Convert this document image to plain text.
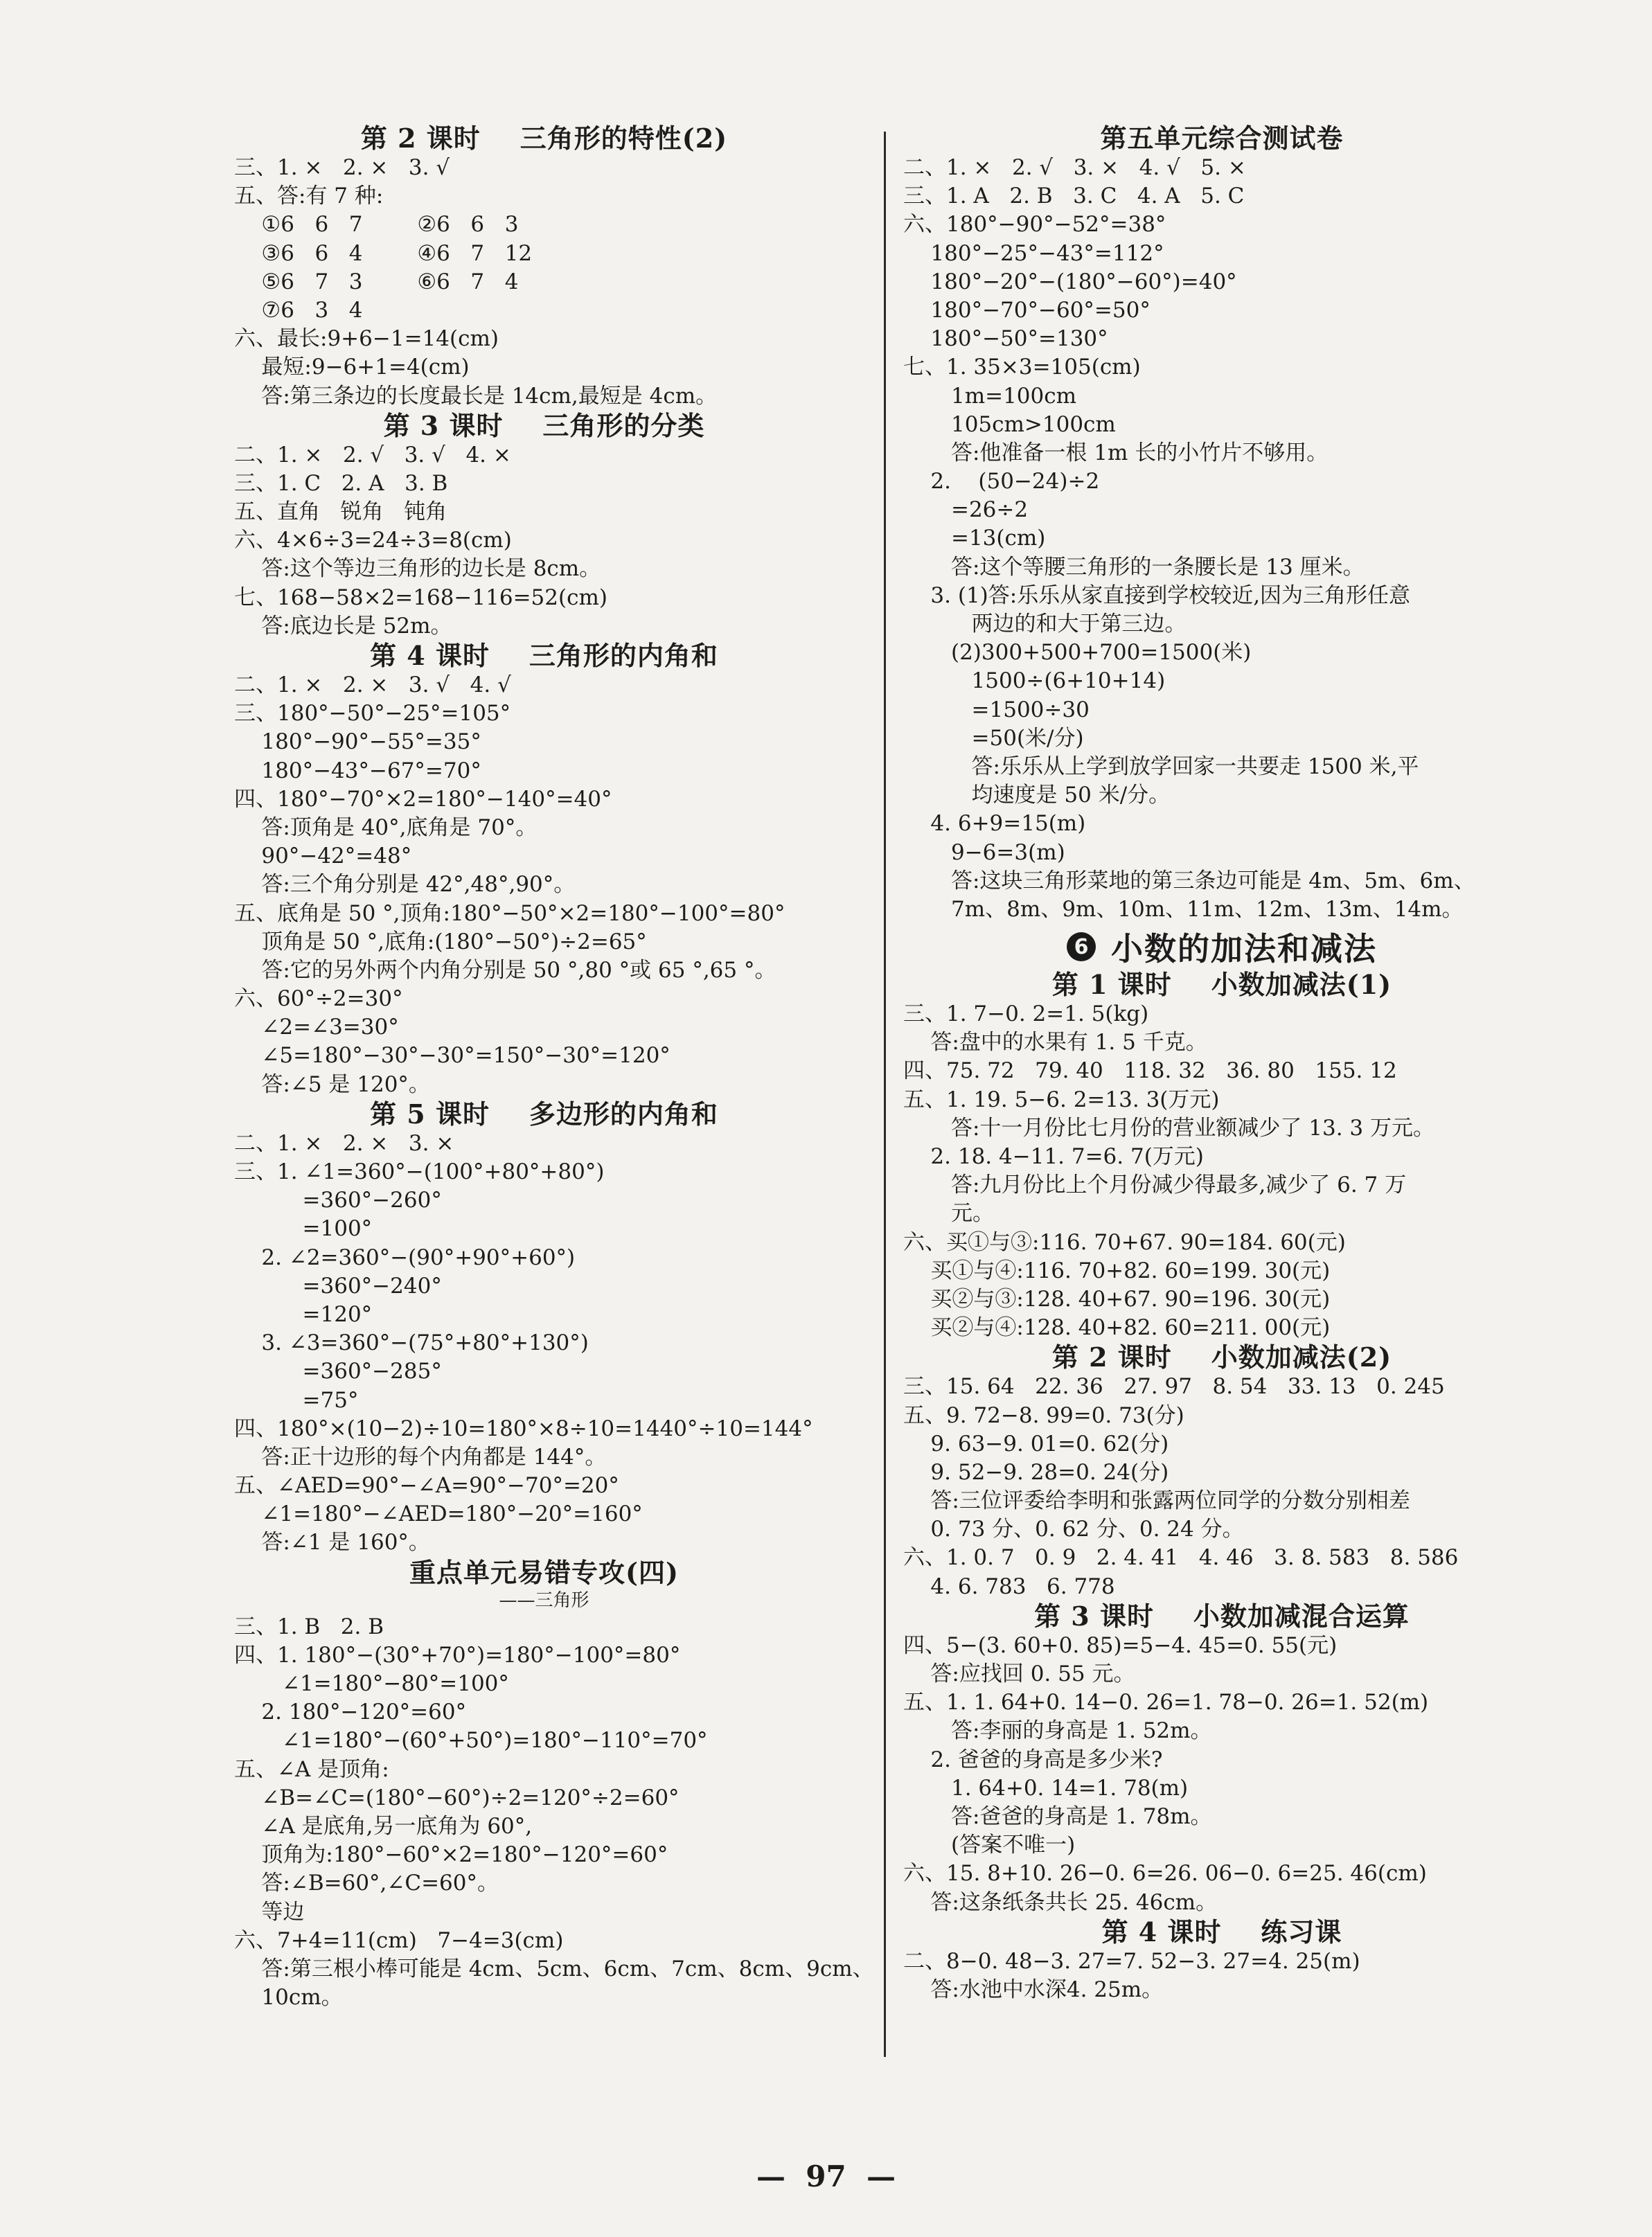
第 2 课时    三角形的特性(2)
三、1. ×   2. ×   3. √
五、答:有 7 种:
①6   6   7        ②6   6   3
③6   6   4        ④6   7   12
⑤6   7   3        ⑥6   7   4
⑦6   3   4
六、最长:9+6−1=14(cm)
最短:9−6+1=4(cm)
答:第三条边的长度最长是 14cm,最短是 4cm。
第 3 课时    三角形的分类
二、1. ×   2. √   3. √   4. ×
三、1. C   2. A   3. B
五、直角   锐角   钝角
六、4×6÷3=24÷3=8(cm)
答:这个等边三角形的边长是 8cm。
七、168−58×2=168−116=52(cm)
答:底边长是 52m。
第 4 课时    三角形的内角和
二、1. ×   2. ×   3. √   4. √
三、180°−50°−25°=105°
180°−90°−55°=35°
180°−43°−67°=70°
四、180°−70°×2=180°−140°=40°
答:顶角是 40°,底角是 70°。
90°−42°=48°
答:三个角分别是 42°,48°,90°。
五、底角是 50 °,顶角:180°−50°×2=180°−100°=80°
顶角是 50 °,底角:(180°−50°)÷2=65°
答:它的另外两个内角分别是 50 °,80 °或 65 °,65 °。
六、60°÷2=30°
∠2=∠3=30°
∠5=180°−30°−30°=150°−30°=120°
答:∠5 是 120°。
第 5 课时    多边形的内角和
二、1. ×   2. ×   3. ×
三、1. ∠1=360°−(100°+80°+80°)
=360°−260°
=100°
2. ∠2=360°−(90°+90°+60°)
=360°−240°
=120°
3. ∠3=360°−(75°+80°+130°)
=360°−285°
=75°
四、180°×(10−2)÷10=180°×8÷10=1440°÷10=144°
答:正十边形的每个内角都是 144°。
五、∠AED=90°−∠A=90°−70°=20°
∠1=180°−∠AED=180°−20°=160°
答:∠1 是 160°。
重点单元易错专攻(四)
——三角形
三、1. B   2. B
四、1. 180°−(30°+70°)=180°−100°=80°
∠1=180°−80°=100°
2. 180°−120°=60°
∠1=180°−(60°+50°)=180°−110°=70°
五、∠A 是顶角:
∠B=∠C=(180°−60°)÷2=120°÷2=60°
∠A 是底角,另一底角为 60°,
顶角为:180°−60°×2=180°−120°=60°
答:∠B=60°,∠C=60°。
等边
六、7+4=11(cm)   7−4=3(cm)
答:第三根小棒可能是 4cm、5cm、6cm、7cm、8cm、9cm、
10cm。
第五单元综合测试卷
二、1. ×   2. √   3. ×   4. √   5. ×
三、1. A   2. B   3. C   4. A   5. C
六、180°−90°−52°=38°
180°−25°−43°=112°
180°−20°−(180°−60°)=40°
180°−70°−60°=50°
180°−50°=130°
七、1. 35×3=105(cm)
1m=100cm
105cm>100cm
答:他准备一根 1m 长的小竹片不够用。
2.    (50−24)÷2
=26÷2
=13(cm)
答:这个等腰三角形的一条腰长是 13 厘米。
3. (1)答:乐乐从家直接到学校较近,因为三角形任意
两边的和大于第三边。
(2)300+500+700=1500(米)
1500÷(6+10+14)
=1500÷30
=50(米/分)
答:乐乐从上学到放学回家一共要走 1500 米,平
均速度是 50 米/分。
4. 6+9=15(m)
9−6=3(m)
答:这块三角形菜地的第三条边可能是 4m、5m、6m、
7m、8m、9m、10m、11m、12m、13m、14m。
6 小数的加法和减法
第 1 课时    小数加减法(1)
三、1. 7−0. 2=1. 5(kg)
答:盘中的水果有 1. 5 千克。
四、75. 72   79. 40   118. 32   36. 80   155. 12
五、1. 19. 5−6. 2=13. 3(万元)
答:十一月份比七月份的营业额减少了 13. 3 万元。
2. 18. 4−11. 7=6. 7(万元)
答:九月份比上个月份减少得最多,减少了 6. 7 万
元。
六、买①与③:116. 70+67. 90=184. 60(元)
买①与④:116. 70+82. 60=199. 30(元)
买②与③:128. 40+67. 90=196. 30(元)
买②与④:128. 40+82. 60=211. 00(元)
第 2 课时    小数加减法(2)
三、15. 64   22. 36   27. 97   8. 54   33. 13   0. 245
五、9. 72−8. 99=0. 73(分)
9. 63−9. 01=0. 62(分)
9. 52−9. 28=0. 24(分)
答:三位评委给李明和张露两位同学的分数分别相差
0. 73 分、0. 62 分、0. 24 分。
六、1. 0. 7   0. 9   2. 4. 41   4. 46   3. 8. 583   8. 586
4. 6. 783   6. 778
第 3 课时    小数加减混合运算
四、5−(3. 60+0. 85)=5−4. 45=0. 55(元)
答:应找回 0. 55 元。
五、1. 1. 64+0. 14−0. 26=1. 78−0. 26=1. 52(m)
答:李丽的身高是 1. 52m。
2. 爸爸的身高是多少米?
1. 64+0. 14=1. 78(m)
答:爸爸的身高是 1. 78m。
(答案不唯一)
六、15. 8+10. 26−0. 6=26. 06−0. 6=25. 46(cm)
答:这条纸条共长 25. 46cm。
第 4 课时    练习课
二、8−0. 48−3. 27=7. 52−3. 27=4. 25(m)
答:水池中水深4. 25m。
—  97  —
